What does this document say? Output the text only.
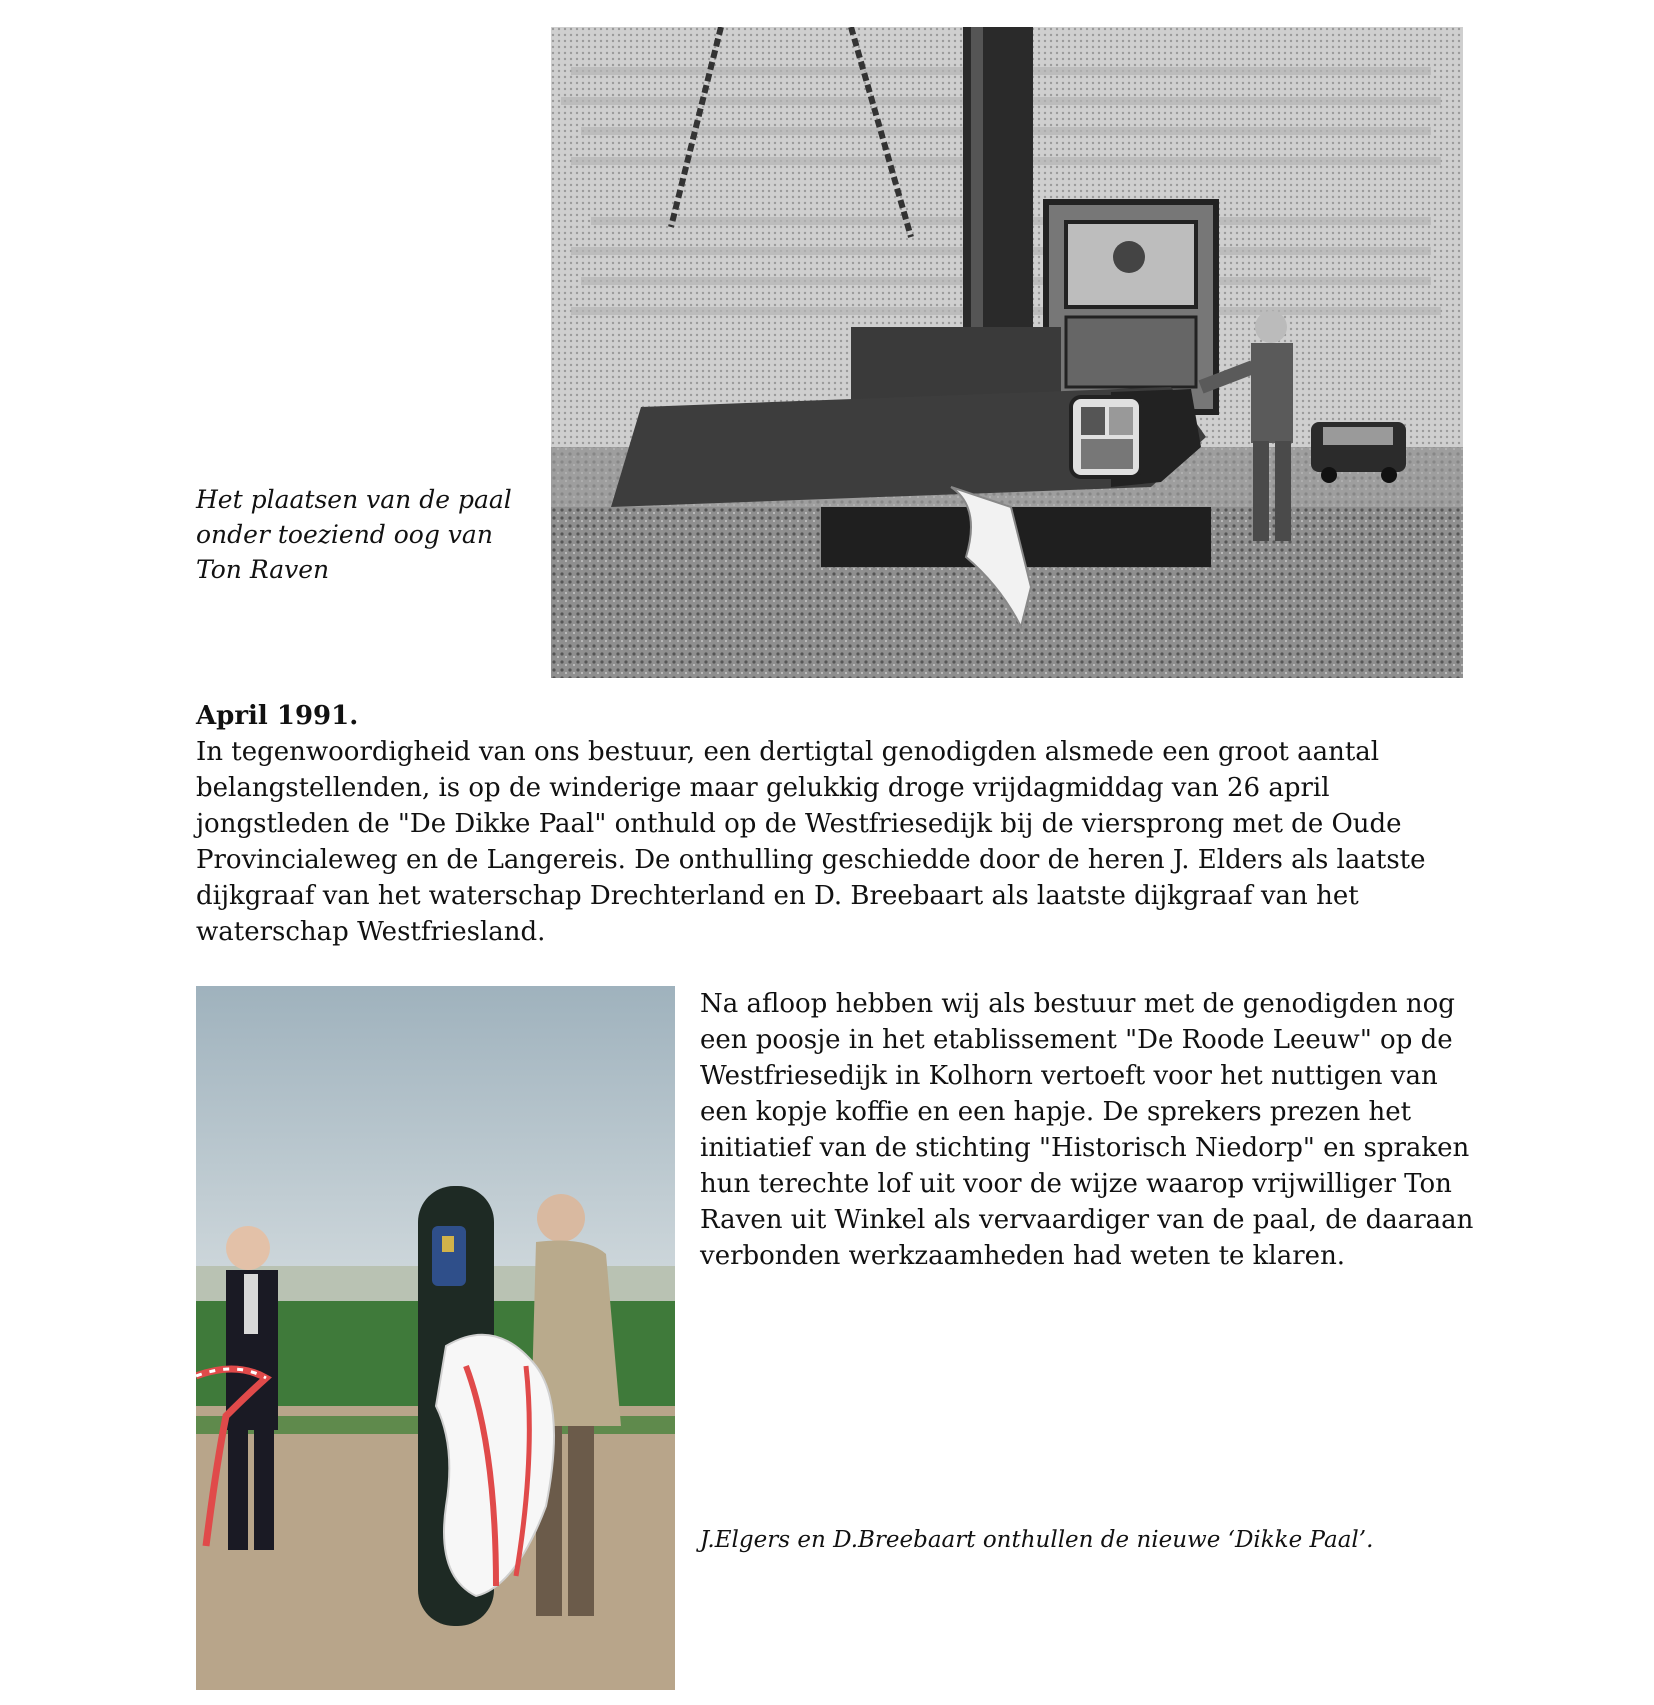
Het plaatsen van de paal
onder toeziend oog van
Ton Raven

April 1991.

In tegenwoordigheid van ons bestuur, een dertigtal genodigden alsmede een groot aantal
belangstellenden, is op de winderige maar gelukkig droge vrijdagmiddag van 26 april
jongstleden de "De Dikke Paal" onthuld op de Westfriesedijk bij de viersprong met de Oude
Provincialeweg en de Langereis. De onthulling geschiedde door de heren J. Elders als laatste
dijkgraaf van het waterschap Drechterland en D. Breebaart als laatste dijkgraaf van het
waterschap Westfriesland.

Na afloop hebben wij als bestuur met de genodigden nog
een poosje in het etablissement "De Roode Leeuw" op de
Westfriesedijk in Kolhorn vertoeft voor het nuttigen van
een kopje koffie en een hapje. De sprekers prezen het
initiatief van de stichting "Historisch Niedorp" en spraken
hun terechte lof uit voor de wijze waarop vrijwilliger Ton
Raven uit Winkel als vervaardiger van de paal, de daaraan
verbonden werkzaamheden had weten te klaren.

J.Elgers en D.Breebaart onthullen de nieuwe ‘Dikke Paal’.
